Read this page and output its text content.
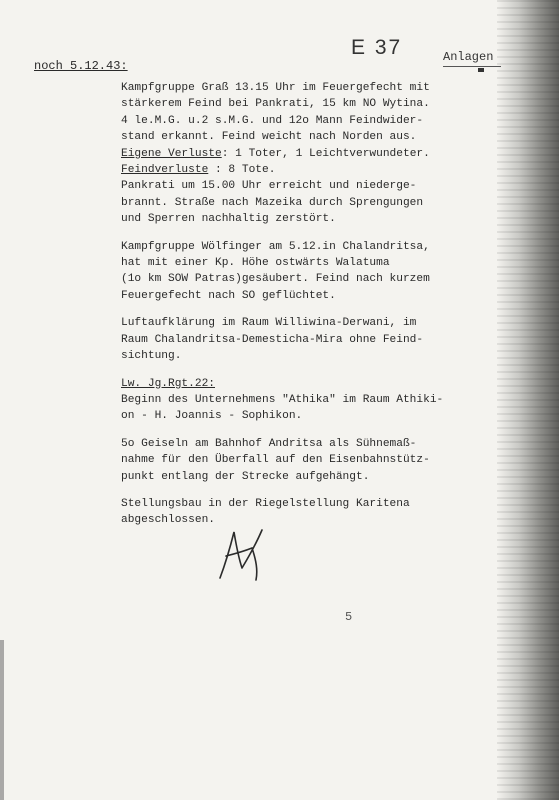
E 37	Anlagen
noch 5.12.43:
Kampfgruppe Graß 13.15 Uhr im Feuergefecht mit
stärkerem Feind bei Pankrati, 15 km NO Wytina.
4 le.M.G. u.2 s.M.G. und 12o Mann Feindwider-
stand erkannt. Feind weicht nach Norden aus.
Eigene Verluste: 1 Toter, 1 Leichtverwundeter.
Feindverluste : 8 Tote.
Pankrati um 15.00 Uhr erreicht und niederge-
brannt. Straße nach Mazeika durch Sprengungen
und Sperren nachhaltig zerstört.
Kampfgruppe Wölfinger am 5.12.in Chalandritsa,
hat mit einer Kp. Höhe ostwärts Walatuma
(1o km SOW Patras)gesäubert. Feind nach kurzem
Feuergefecht nach SO geflüchtet.
Luftaufklärung im Raum Williwina-Derwani, im
Raum Chalandritsa-Demesticha-Mira ohne Feind-
sichtung.
Lw. Jg.Rgt.22:
Beginn des Unternehmens "Athika" im Raum Athiki-
on - H. Joannis - Sophikon.
5o Geiseln am Bahnhof Andritsa als Sühnemaß-
nahme für den Überfall auf den Eisenbahnstütz-
punkt entlang der Strecke aufgehängt.
Stellungsbau in der Riegelstellung Karitena
abgeschlossen.
5
